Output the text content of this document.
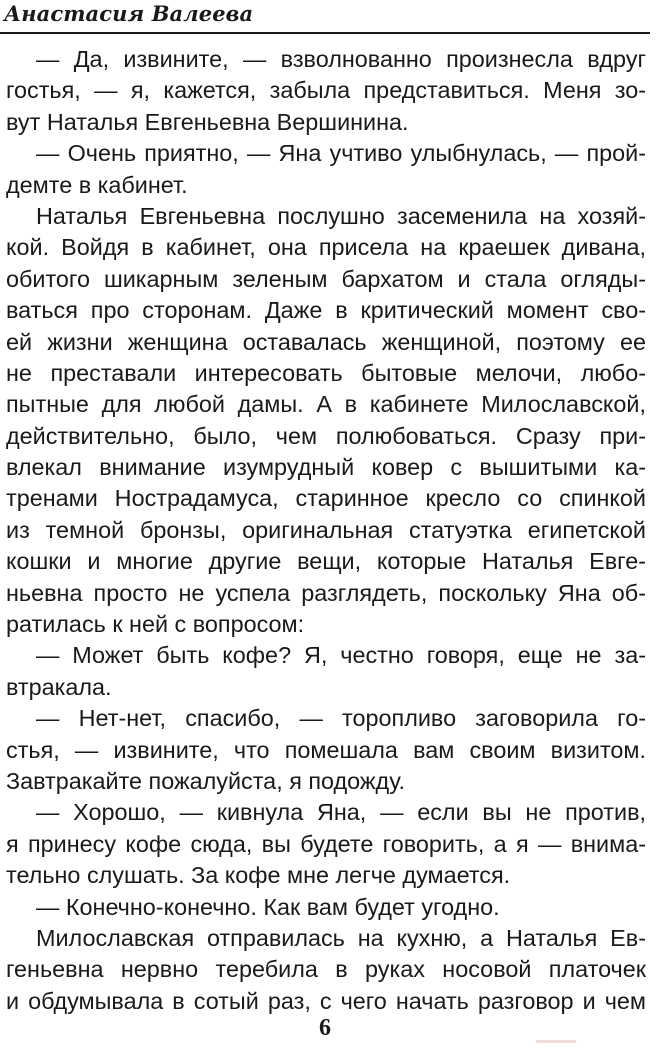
Анастасия Валеева
— Да, извините, — взволнованно произнесла вдруг
гостья, — я, кажется, забыла представиться. Меня зо-
вут Наталья Евгеньевна Вершинина.
— Очень приятно, — Яна учтиво улыбнулась, — прой-
демте в кабинет.
Наталья Евгеньевна послушно засеменила на хозяй-
кой. Войдя в кабинет, она присела на краешек дивана,
обитого шикарным зеленым бархатом и стала огляды-
ваться про сторонам. Даже в критический момент сво-
ей жизни женщина оставалась женщиной, поэтому ее
не преставали интересовать бытовые мелочи, любо-
пытные для любой дамы. А в кабинете Милославской,
действительно, было, чем полюбоваться. Сразу при-
влекал внимание изумрудный ковер с вышитыми ка-
тренами Нострадамуса, старинное кресло со спинкой
из темной бронзы, оригинальная статуэтка египетской
кошки и многие другие вещи, которые Наталья Евге-
ньевна просто не успела разглядеть, поскольку Яна об-
ратилась к ней с вопросом:
— Может быть кофе? Я, честно говоря, еще не за-
втракала.
— Нет-нет, спасибо, — торопливо заговорила го-
стья, — извините, что помешала вам своим визитом.
Завтракайте пожалуйста, я подожду.
— Хорошо, — кивнула Яна, — если вы не против,
я принесу кофе сюда, вы будете говорить, а я — внима-
тельно слушать. За кофе мне легче думается.
— Конечно-конечно. Как вам будет угодно.
Милославская отправилась на кухню, а Наталья Ев-
геньевна нервно теребила в руках носовой платочек
и обдумывала в сотый раз, с чего начать разговор и чем
6
